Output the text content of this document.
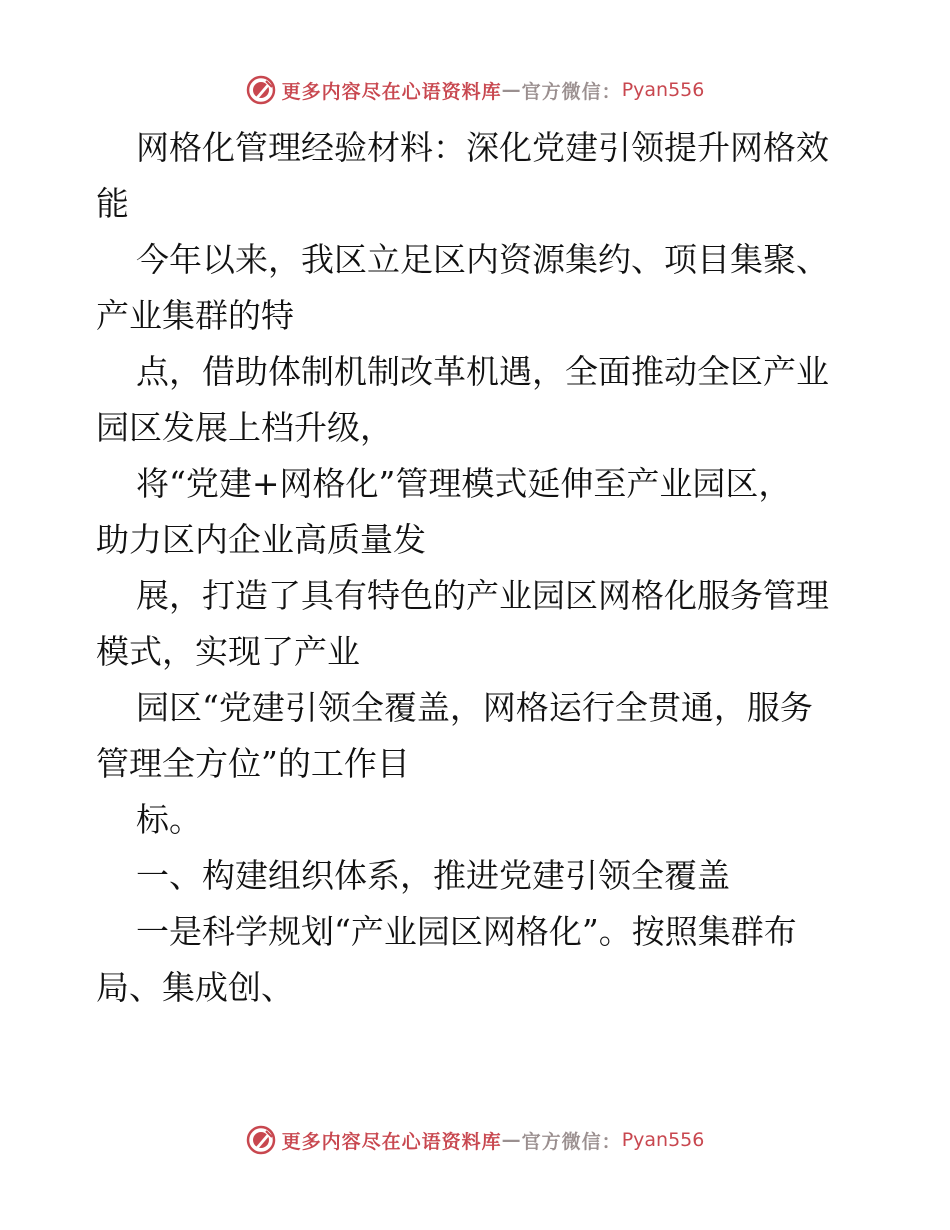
更多内容尽在心语资料库 — 官方微信： Pyan556

网格化管理经验材料：深化党建引领提升网格效

能

今年以来，我区立足区内资源集约、项目集聚、

产业集群的特

点，借助体制机制改革机遇，全面推动全区产业

园区发展上档升级，

将“党建+网格化”管理模式延伸至产业园区，

助力区内企业高质量发

展，打造了具有特色的产业园区网格化服务管理

模式，实现了产业

园区“党建引领全覆盖，网格运行全贯通，服务

管理全方位”的工作目

标。

一、构建组织体系，推进党建引领全覆盖

一是科学规划“产业园区网格化”。按照集群布

局、集成创、

更多内容尽在心语资料库 — 官方微信： Pyan556
